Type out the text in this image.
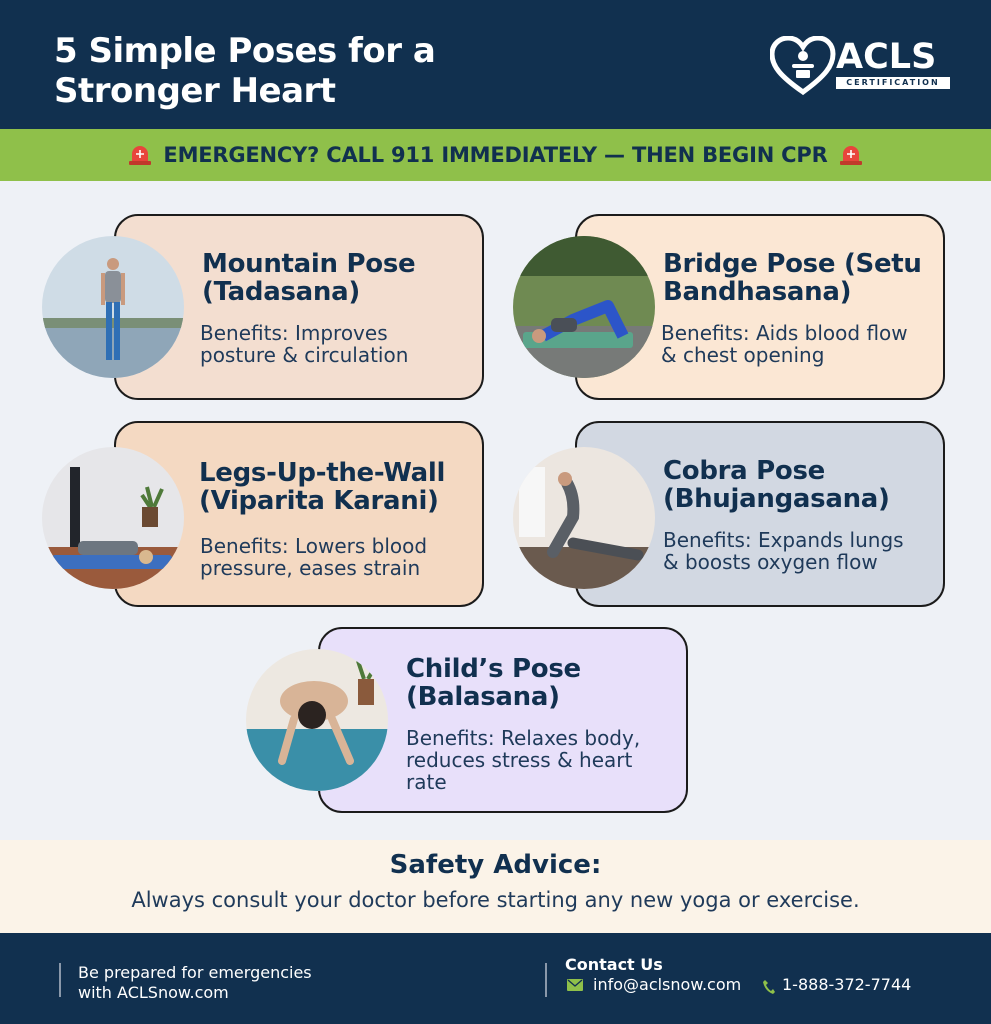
5 Simple Poses for a
Stronger Heart
ACLS
CERTIFICATION
EMERGENCY? CALL 911 IMMEDIATELY — THEN BEGIN CPR
Mountain Pose
(Tadasana)
Benefits: Improves
posture & circulation
Bridge Pose (Setu
Bandhasana)
Benefits: Aids blood flow
& chest opening
Legs-Up-the-Wall
(Viparita Karani)
Benefits: Lowers blood
pressure, eases strain
Cobra Pose
(Bhujangasana)
Benefits: Expands lungs
& boosts oxygen flow
Child’s Pose
(Balasana)
Benefits: Relaxes body,
reduces stress & heart
rate
Safety Advice:
Always consult your doctor before starting any new yoga or exercise.
Be prepared for emergencies
with ACLSnow.com
Contact Us
info@aclsnow.com	1-888-372-7744
